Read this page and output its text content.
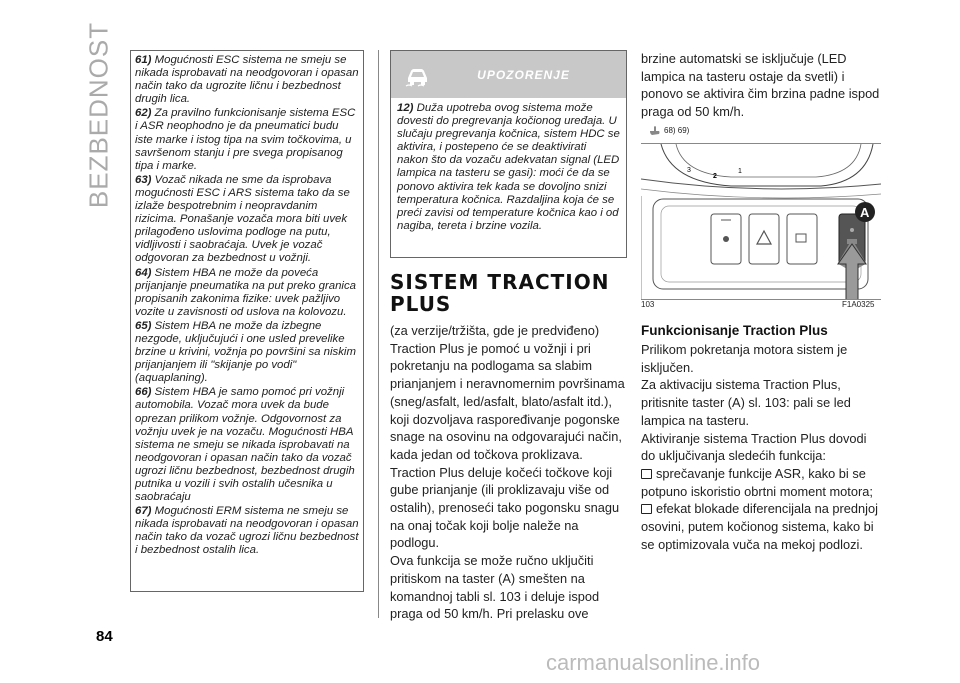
BEZBEDNOST 61) Mogućnosti ESC sistema ne smeju se nikada isprobavati na neodgovoran i opasan način tako da ugrozite ličnu i bezbednost drugih lica.

62) Za pravilno funkcionisanje sistema ESC i ASR neophodno je da pneumatici budu iste marke i istog tipa na svim točkovima, u savršenom stanju i pre svega propisanog tipa i marke.

63) Vozač nikada ne sme da isprobava mogućnosti ESC i ARS sistema tako da se izlaže bespotrebnim i neopravdanim rizicima. Ponašanje vozača mora biti uvek prilagođeno uslovima podloge na putu, vidljivosti i saobraćaja. Uvek je vozač odgovoran za bezbednost u vožnji.

64) Sistem HBA ne može da poveća prijanjanje pneumatika na put preko granica propisanih zakonima fizike: uvek pažljivo vozite u zavisnosti od uslova na kolovozu.

65) Sistem HBA ne može da izbegne nezgode, uključujući i one usled prevelike brzine u krivini, vožnja po površini sa niskim prijanjanjem ili "skijanje po vodi" (aquaplaning).

66) Sistem HBA je samo pomoć pri vožnji automobila. Vozač mora uvek da bude oprezan prilikom vožnje. Odgovornost za vožnju uvek je na vozaču. Mogućnosti HBA sistema ne smeju se nikada isprobavati na neodgovoran i opasan način tako da vozač ugrozi ličnu bezbednost, bezbednost drugih putnika u vozili i svih ostalih učesnika u saobraćaju

67) Mogućnosti ERM sistema ne smeju se nikada isprobavati na neodgovoran i opasan način tako da vozač ugrozi ličnu bezbednost i bezbednost ostalih lica.

UPOZORENJE
12) Duža upotreba ovog sistema može dovesti do pregrevanja kočionog uređaja. U slučaju pregrevanja kočnica, sistem HDC se aktivira, i postepeno će se deaktivirati nakon što da vozaču adekvatan signal (LED lampica na tasteru se gasi): moći će da se ponovo aktivira tek kada se dovoljno snizi temperatura kočnica. Razdaljina koja će se preći zavisi od temperature kočnica kao i od nagiba, tereta i brzine vozila.
SISTEM TRACTION PLUS

(za verzije/tržišta, gde je predviđeno)

Traction Plus je pomoć u vožnji i pri pokretanju na podlogama sa slabim prianjanjem i neravnomernim površinama (sneg/asfalt, led/asfalt, blato/asfalt itd.), koji dozvoljava raspoređivanje pogonske snage na osovinu na odgovarajući način, kada jedan od točkova proklizava.

Traction Plus deluje kočeći točkove koji gube prianjanje (ili proklizavaju više od ostalih), prenoseći tako pogonsku snagu na onaj točak koji bolje naleže na podlogu.

Ova funkcija se može ručno uključiti pritiskom na taster (A) smešten na komandnoj tabli sl. 103 i deluje ispod praga od 50 km/h. Pri prelasku ove

brzine automatski se isključuje (LED lampica na tasteru ostaje da svetli) i ponovo se aktivira čim brzina padne ispod praga od 50 km/h.

68) 69)
3
2
1
A
103	F1A0325
Funkcionisanje Traction Plus

Prilikom pokretanja motora sistem je isključen.

Za aktivaciju sistema Traction Plus, pritisnite taster (A) sl. 103: pali se led lampica na tasteru.

Aktiviranje sistema Traction Plus dovodi do uključivanja sledećih funkcija:

sprečavanje funkcije ASR, kako bi se potpuno iskoristio obrtni moment motora;

efekat blokade diferencijala na prednjoj osovini, putem kočionog sistema, kako bi se optimizovala vuča na mekoj podlozi.

84
carmanualsonline.info
